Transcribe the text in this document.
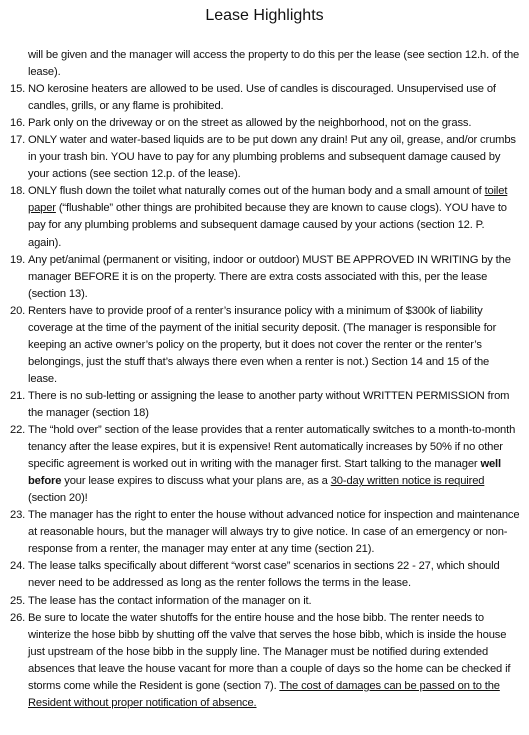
Lease Highlights
will be given and the manager will access the property to do this per the lease (see section 12.h. of the lease).
15. NO kerosine heaters are allowed to be used. Use of candles is discouraged. Unsupervised use of candles, grills, or any flame is prohibited.
16. Park only on the driveway or on the street as allowed by the neighborhood, not on the grass.
17. ONLY water and water-based liquids are to be put down any drain! Put any oil, grease, and/or crumbs in your trash bin. YOU have to pay for any plumbing problems and subsequent damage caused by your actions (see section 12.p. of the lease).
18. ONLY flush down the toilet what naturally comes out of the human body and a small amount of toilet paper (“flushable” other things are prohibited because they are known to cause clogs). YOU have to pay for any plumbing problems and subsequent damage caused by your actions (section 12. P. again).
19. Any pet/animal (permanent or visiting, indoor or outdoor) MUST BE APPROVED IN WRITING by the manager BEFORE it is on the property. There are extra costs associated with this, per the lease (section 13).
20. Renters have to provide proof of a renter’s insurance policy with a minimum of $300k of liability coverage at the time of the payment of the initial security deposit. (The manager is responsible for keeping an active owner’s policy on the property, but it does not cover the renter or the renter’s belongings, just the stuff that’s always there even when a renter is not.) Section 14 and 15 of the lease.
21. There is no sub-letting or assigning the lease to another party without WRITTEN PERMISSION from the manager (section 18)
22. The “hold over” section of the lease provides that a renter automatically switches to a month-to-month tenancy after the lease expires, but it is expensive! Rent automatically increases by 50% if no other specific agreement is worked out in writing with the manager first. Start talking to the manager well before your lease expires to discuss what your plans are, as a 30-day written notice is required (section 20)!
23. The manager has the right to enter the house without advanced notice for inspection and maintenance at reasonable hours, but the manager will always try to give notice. In case of an emergency or non-response from a renter, the manager may enter at any time (section 21).
24. The lease talks specifically about different “worst case” scenarios in sections 22 - 27, which should never need to be addressed as long as the renter follows the terms in the lease.
25. The lease has the contact information of the manager on it.
26. Be sure to locate the water shutoffs for the entire house and the hose bibb. The renter needs to winterize the hose bibb by shutting off the valve that serves the hose bibb, which is inside the house just upstream of the hose bibb in the supply line. The Manager must be notified during extended absences that leave the house vacant for more than a couple of days so the home can be checked if storms come while the Resident is gone (section 7). The cost of damages can be passed on to the Resident without proper notification of absence.
